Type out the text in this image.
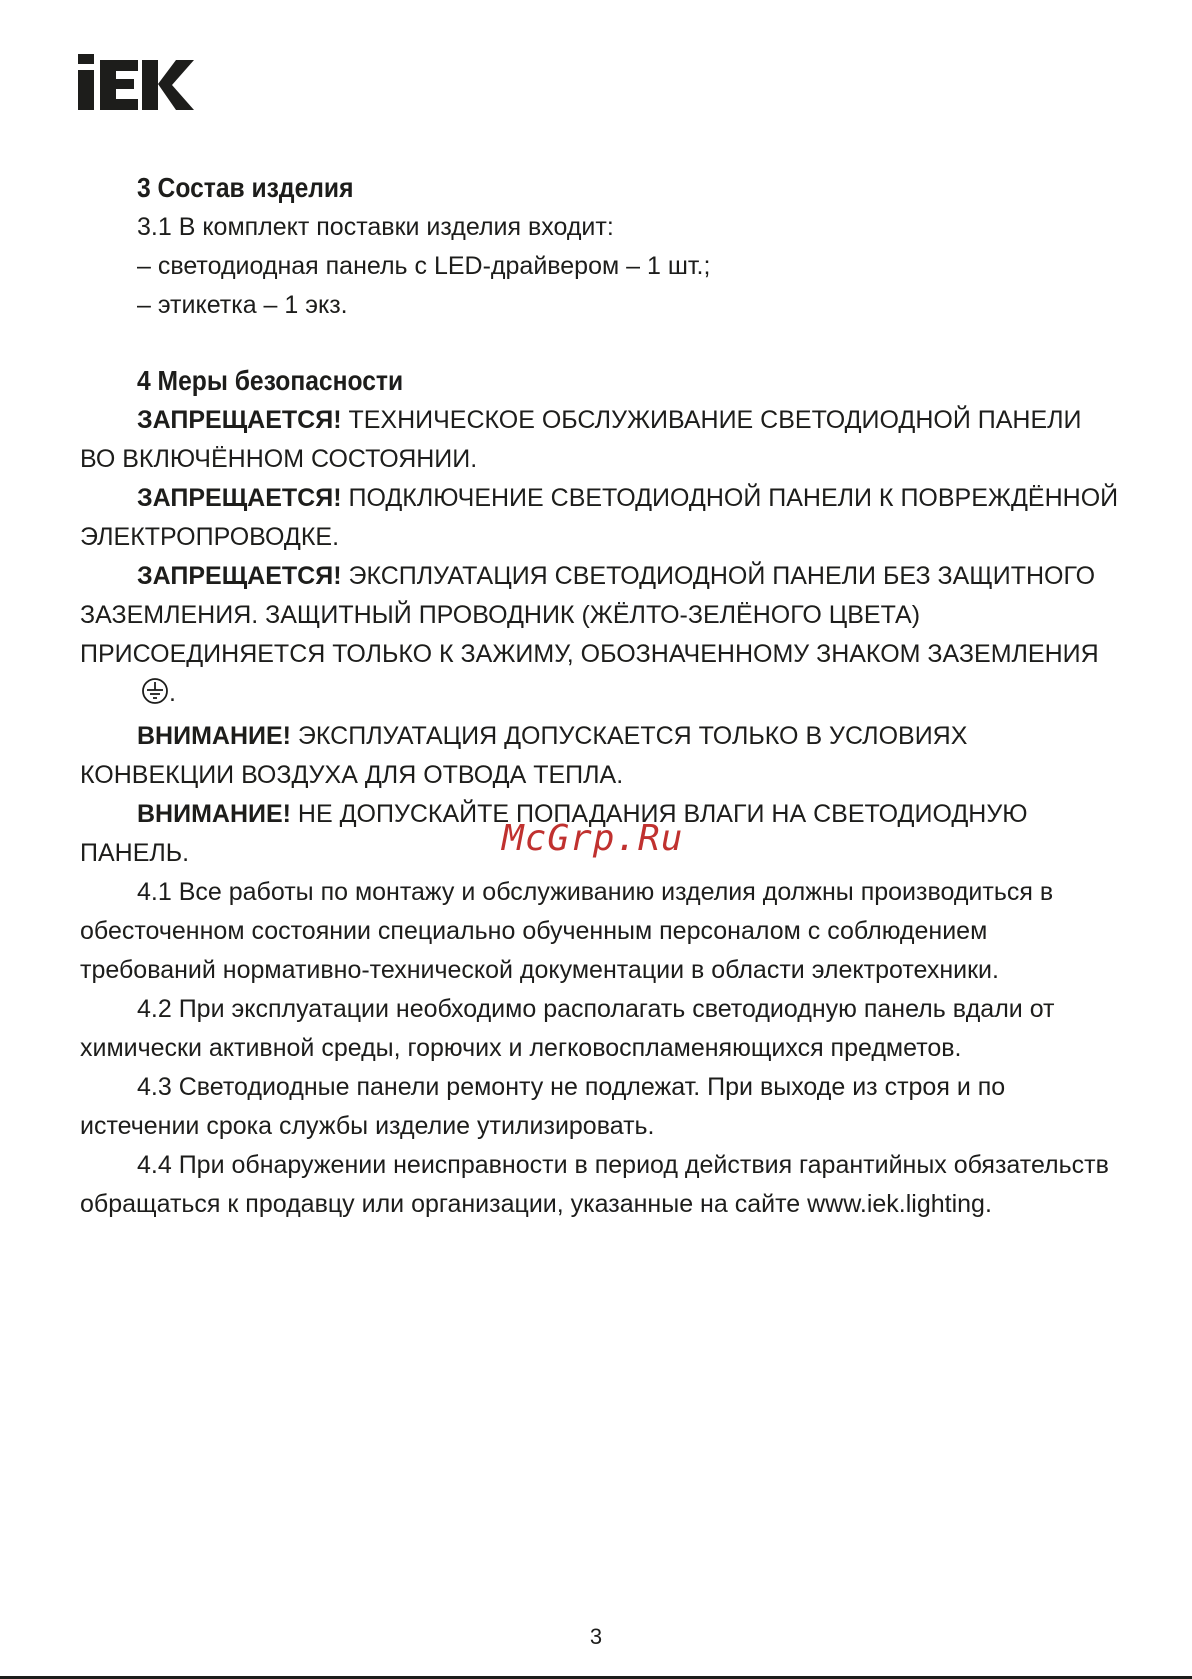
3 Состав изделия

3.1 В комплект поставки изделия входит:

– светодиодная панель с LED-драйвером – 1 шт.;

– этикетка – 1 экз.

4 Меры безопасности

ЗАПРЕЩАЕТСЯ! ТЕХНИЧЕСКОЕ ОБСЛУЖИВАНИЕ СВЕТОДИОДНОЙ ПАНЕЛИ ВО ВКЛЮЧЁННОМ СОСТОЯНИИ.

ЗАПРЕЩАЕТСЯ! ПОДКЛЮЧЕНИЕ СВЕТОДИОДНОЙ ПАНЕЛИ К ПОВРЕЖДЁННОЙ ЭЛЕКТРОПРОВОДКЕ.

ЗАПРЕЩАЕТСЯ! ЭКСПЛУАТАЦИЯ СВЕТОДИОДНОЙ ПАНЕЛИ БЕЗ ЗАЩИТНОГО ЗАЗЕМЛЕНИЯ. ЗАЩИТНЫЙ ПРОВОДНИК (ЖЁЛТО-ЗЕЛЁНОГО ЦВЕТА) ПРИСОЕДИНЯЕТСЯ ТОЛЬКО К ЗАЖИМУ, ОБОЗНАЧЕННОМУ ЗНАКОМ ЗАЗЕМЛЕНИЯ.

ВНИМАНИЕ! ЭКСПЛУАТАЦИЯ ДОПУСКАЕТСЯ ТОЛЬКО В УСЛОВИЯХ КОНВЕКЦИИ ВОЗДУХА ДЛЯ ОТВОДА ТЕПЛА.

ВНИМАНИЕ! НЕ ДОПУСКАЙТЕ ПОПАДАНИЯ ВЛАГИ НА СВЕТОДИОДНУЮ ПАНЕЛЬ.

4.1 Все работы по монтажу и обслуживанию изделия должны производиться в обесточенном состоянии специально обученным персоналом с соблюдением требований нормативно-технической документации в области электротехники.

4.2 При эксплуатации необходимо располагать светодиодную панель вдали от химически активной среды, горючих и легковоспламеняющихся предметов.

4.3 Светодиодные панели ремонту не подлежат. При выходе из строя и по истечении срока службы изделие утилизировать.

4.4 При обнаружении неисправности в период действия гарантийных обязательств обращаться к продавцу или организации, указанные на сайте www.iek.lighting.

McGrp.Ru
3
